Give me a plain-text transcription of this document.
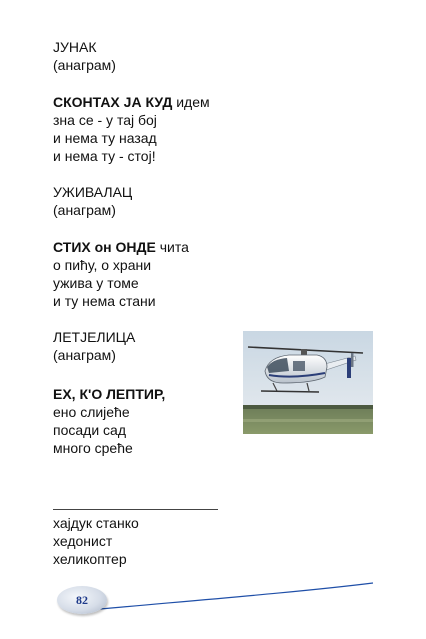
ЈУНАК
(анаграм)
СКОНТАХ ЈА КУД идем
зна се - у тај бој
и нема ту назад
и нема ту - стој!
УЖИВАЛАЦ
(анаграм)
СТИХ он ОНДЕ чита
о пићу, о храни
ужива у томе
и ту нема стани
ЛЕТЈЕЛИЦА
(анаграм)
ЕХ, К'О ЛЕПТИР,
ено слијеће
посади сад
много среће
хајдук станко
хедонист
хеликоптер
82
